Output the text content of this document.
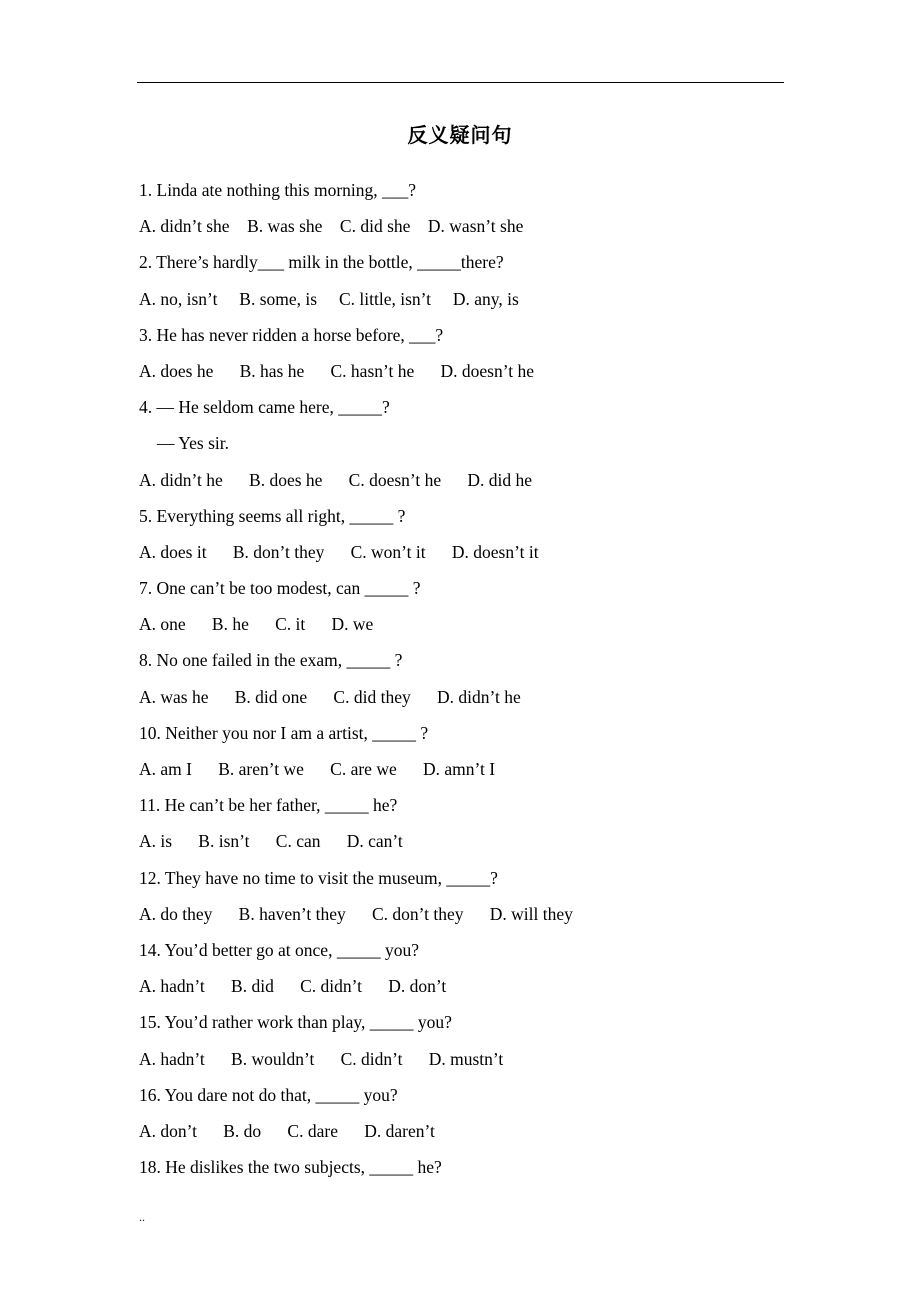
反义疑问句
1. Linda ate nothing this morning, ___?
A. didn’t she    B. was she    C. did she    D. wasn’t she
2. There’s hardly___ milk in the bottle, _____there?
A. no, isn’t     B. some, is     C. little, isn’t     D. any, is
3. He has never ridden a horse before, ___?
A. does he      B. has he      C. hasn’t he      D. doesn’t he
4. — He seldom came here, _____?
— Yes sir.
A. didn’t he      B. does he      C. doesn’t he      D. did he
5. Everything seems all right, _____ ?
A. does it      B. don’t they      C. won’t it      D. doesn’t it
7. One can’t be too modest, can _____ ?
A. one      B. he      C. it      D. we
8. No one failed in the exam, _____ ?
A. was he      B. did one      C. did they      D. didn’t he
10. Neither you nor I am a artist, _____ ?
A. am I      B. aren’t we      C. are we      D. amn’t I
11. He can’t be her father, _____ he?
A. is      B. isn’t      C. can      D. can’t
12. They have no time to visit the museum, _____?
A. do they      B. haven’t they      C. don’t they      D. will they
14. You’d better go at once, _____ you?
A. hadn’t      B. did      C. didn’t      D. don’t
15. You’d rather work than play, _____ you?
A. hadn’t      B. wouldn’t      C. didn’t      D. mustn’t
16. You dare not do that, _____ you?
A. don’t      B. do      C. dare      D. daren’t
18. He dislikes the two subjects, _____ he?
..
